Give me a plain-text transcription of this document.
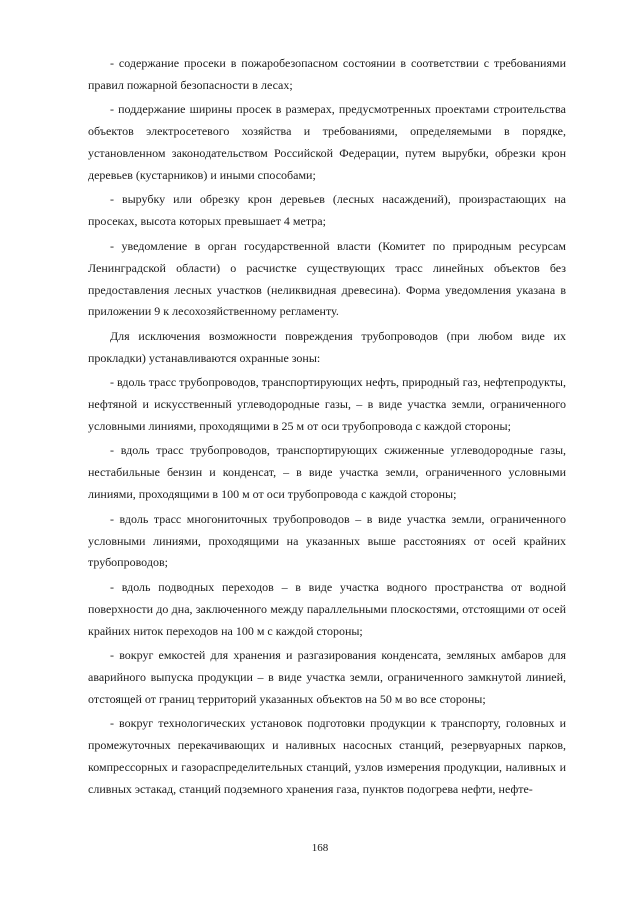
- содержание просеки в пожаробезопасном состоянии в соответствии с требованиями правил пожарной безопасности в лесах;

- поддержание ширины просек в размерах, предусмотренных проектами строительства объектов электросетевого хозяйства и требованиями, определяемыми в порядке, установленном законодательством Российской Федерации, путем вырубки, обрезки крон деревьев (кустарников) и иными способами;

- вырубку или обрезку крон деревьев (лесных насаждений), произрастающих на просеках, высота которых превышает 4 метра;

- уведомление в орган государственной власти (Комитет по природным ресурсам Ленинградской области) о расчистке существующих трасс линейных объектов без предоставления лесных участков (неликвидная древесина). Форма уведомления указана в приложении 9 к лесохозяйственному регламенту.

Для исключения возможности повреждения трубопроводов (при любом виде их прокладки) устанавливаются охранные зоны:

- вдоль трасс трубопроводов, транспортирующих нефть, природный газ, нефтепродукты, нефтяной и искусственный углеводородные газы, – в виде участка земли, ограниченного условными линиями, проходящими в 25 м от оси трубопровода с каждой стороны;

- вдоль трасс трубопроводов, транспортирующих сжиженные углеводородные газы, нестабильные бензин и конденсат, – в виде участка земли, ограниченного условными линиями, проходящими в 100 м от оси трубопровода с каждой стороны;

- вдоль трасс многониточных трубопроводов – в виде участка земли, ограниченного условными линиями, проходящими на указанных выше расстояниях от осей крайних трубопроводов;

- вдоль подводных переходов – в виде участка водного пространства от водной поверхности до дна, заключенного между параллельными плоскостями, отстоящими от осей крайних ниток переходов на 100 м с каждой стороны;

- вокруг емкостей для хранения и разгазирования конденсата, земляных амбаров для аварийного выпуска продукции – в виде участка земли, ограниченного замкнутой линией, отстоящей от границ территорий указанных объектов на 50 м во все стороны;

- вокруг технологических установок подготовки продукции к транспорту, головных и промежуточных перекачивающих и наливных насосных станций, резервуарных парков, компрессорных и газораспределительных станций, узлов измерения продукции, наливных и сливных эстакад, станций подземного хранения газа, пунктов подогрева нефти, нефте-

168
